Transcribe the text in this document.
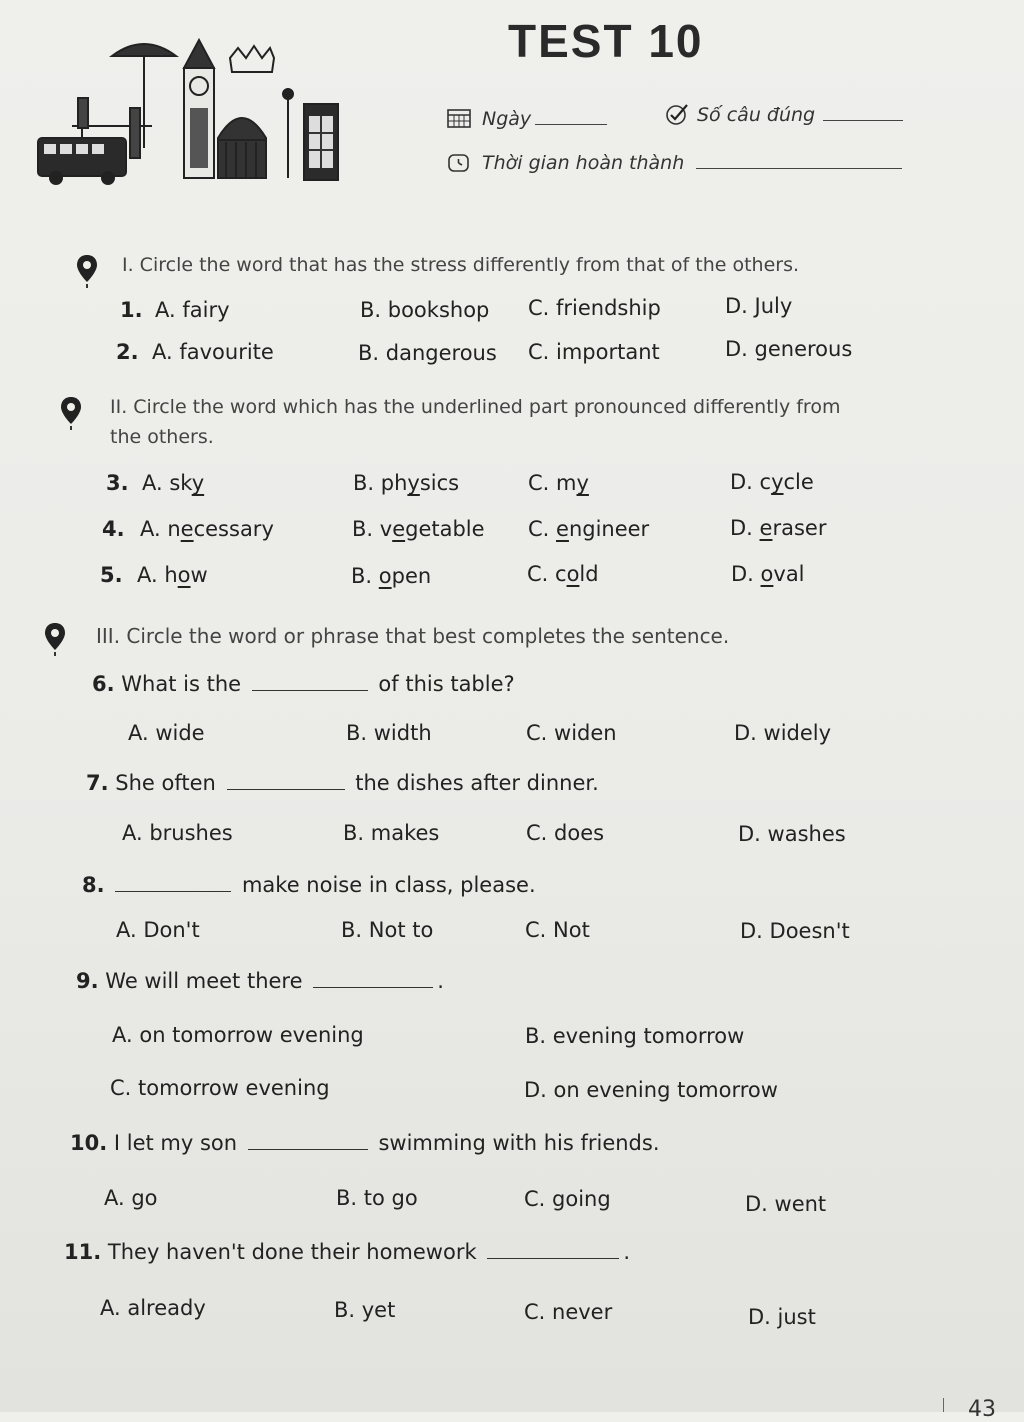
TEST 10
Ngày	Số câu đúng
Thời gian hoàn thành
I. Circle the word that has the stress differently from that of the others.
1. A. fairy	B. bookshop C. friendship	D. July
2. A. favourite	B. dangerous C. important	D. generous
II. Circle the word which has the underlined part pronounced differently from
the others.
3. A. sky	B. physics	C. my	D. cycle
4. A. necessary	B. vegetable C. engineer	D. eraser
5. A. how	B. open	C. cold	D. oval
III. Circle the word or phrase that best completes the sentence.
6. What is the	of this table?
A. wide	B. width	C. widen	D. widely
7. She often	the dishes after dinner.
A. brushes	B. makes	C. does	D. washes
8.	make noise in class, please.
A. Don't	B. Not to	C. Not	D. Doesn't
9. We will meet there	.
A. on tomorrow evening	B. evening tomorrow
C. tomorrow evening	D. on evening tomorrow
10. I let my son	swimming with his friends.
A. go	B. to go	C. going	D. went
11. They haven't done their homework	.
A. already	B. yet	C. never	D. just
43
